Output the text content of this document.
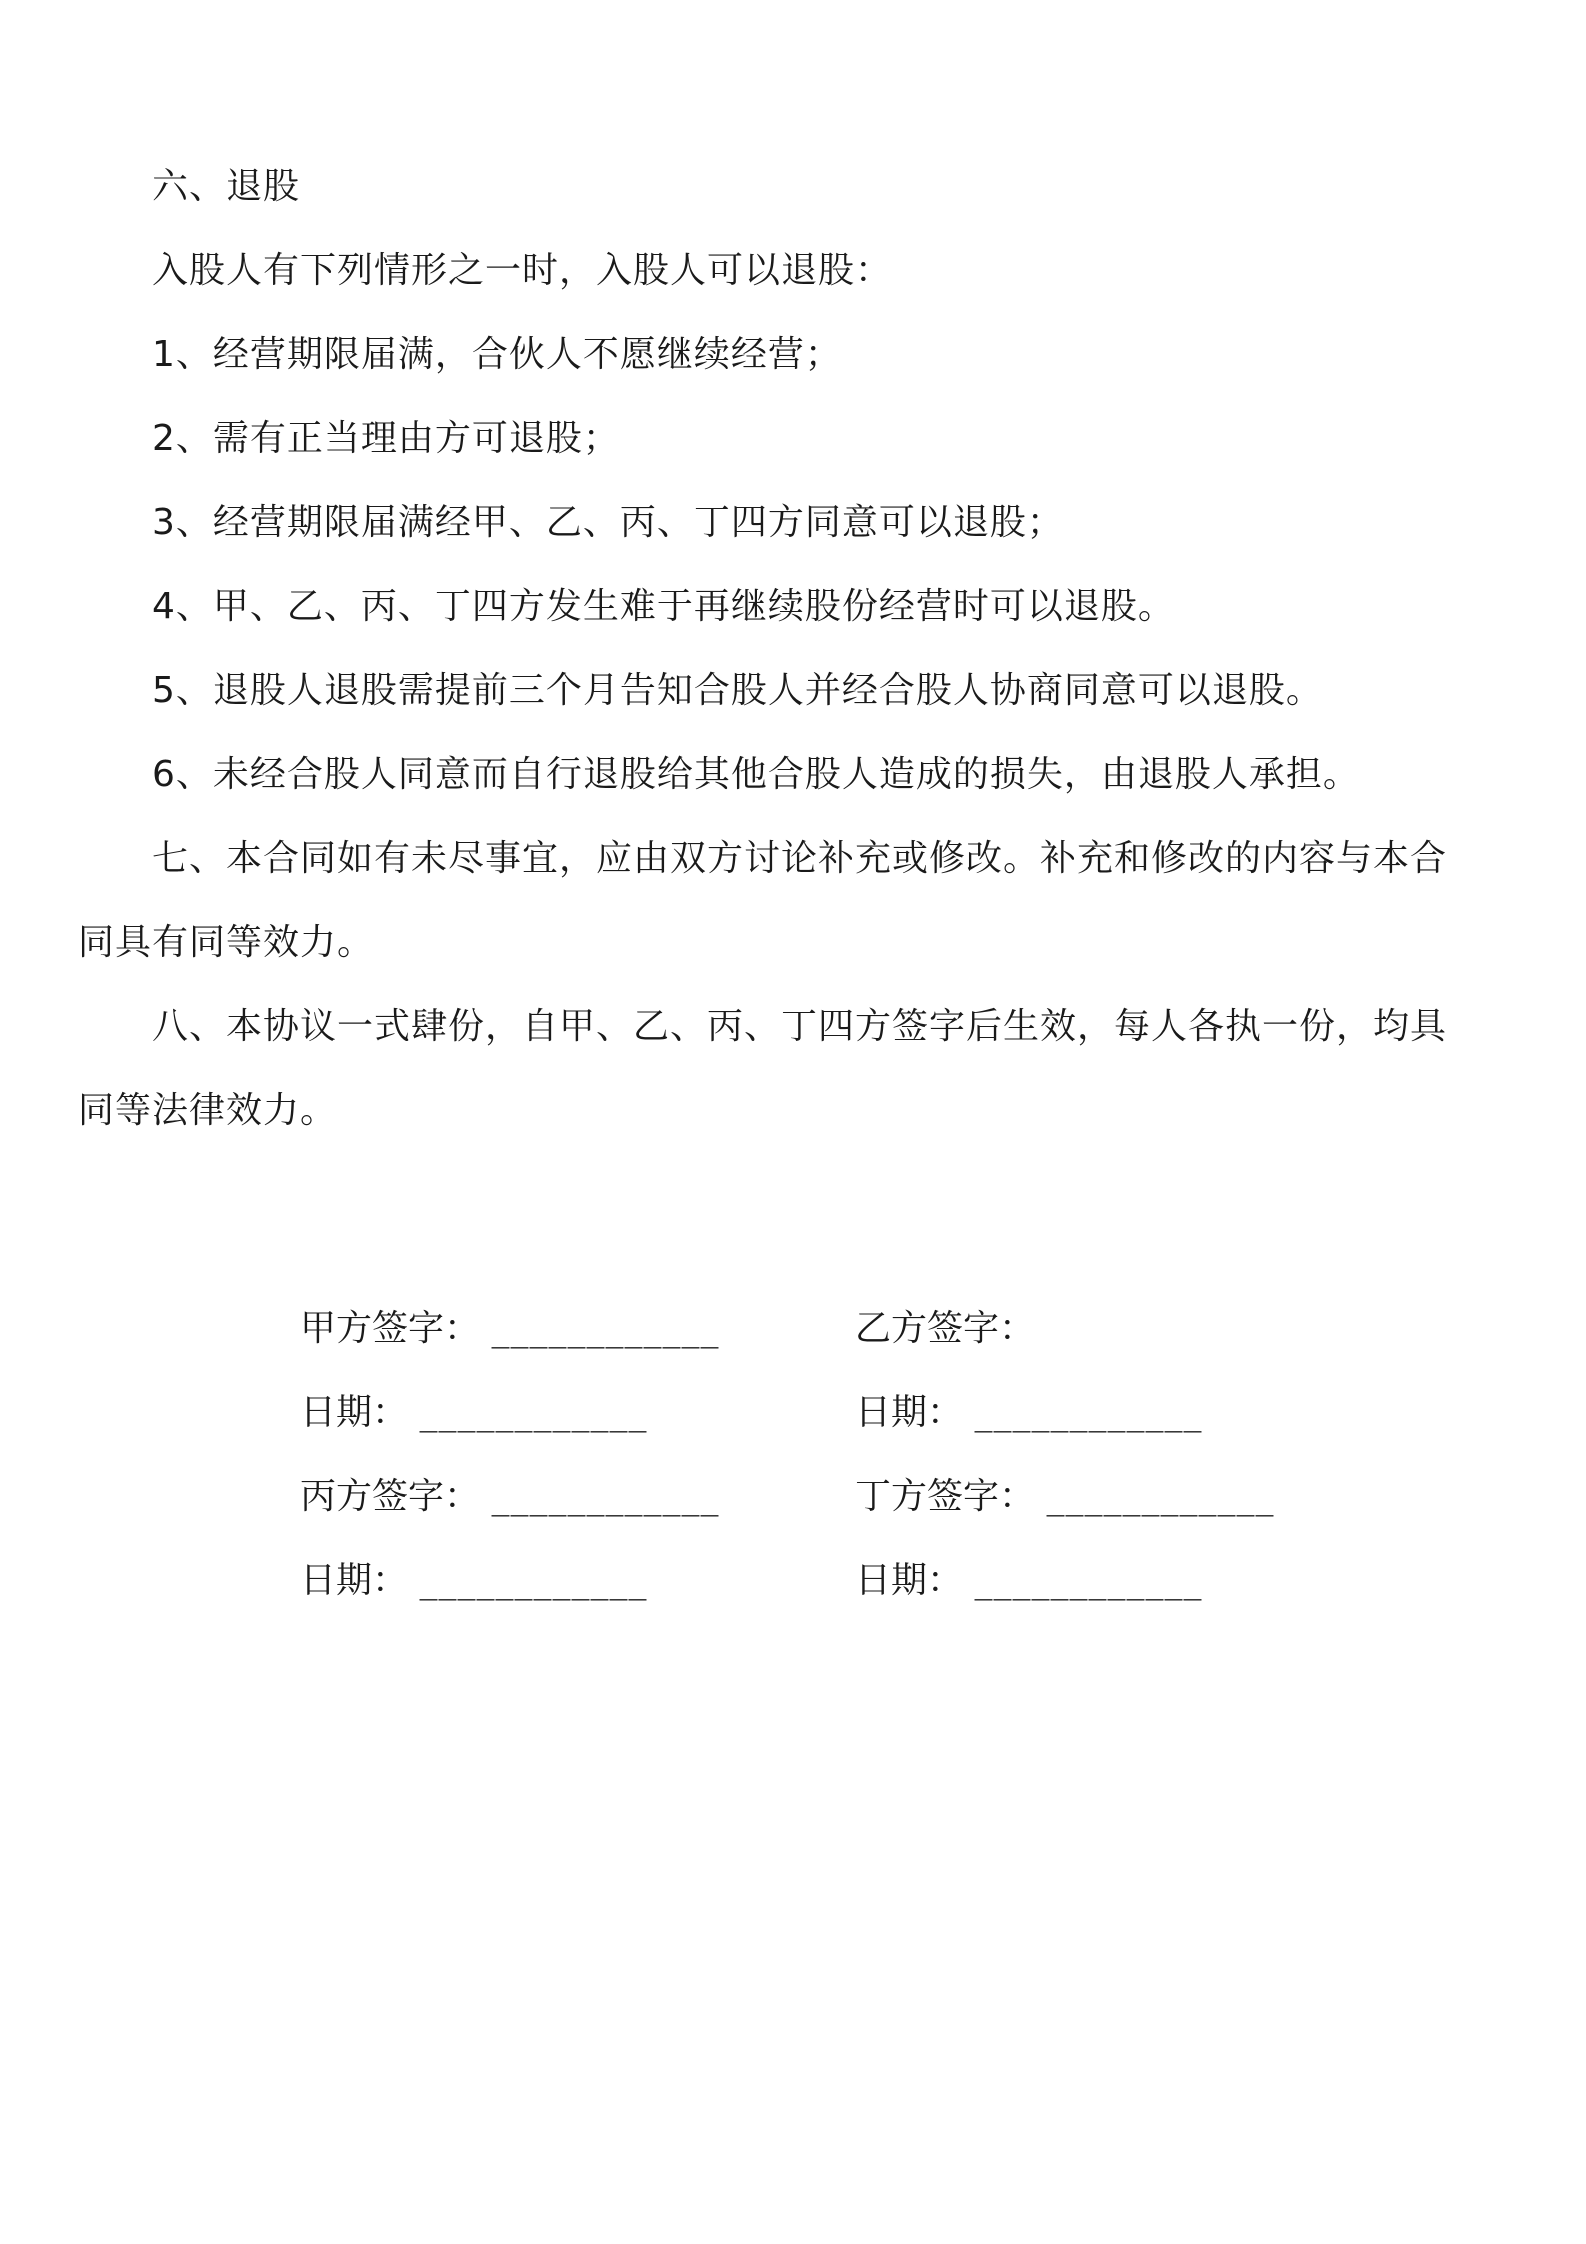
六、退股

入股人有下列情形之一时，入股人可以退股：

1、经营期限届满，合伙人不愿继续经营；

2、需有正当理由方可退股；

3、经营期限届满经甲、乙、丙、丁四方同意可以退股；

4、甲、乙、丙、丁四方发生难于再继续股份经营时可以退股。

5、退股人退股需提前三个月告知合股人并经合股人协商同意可以退股。

6、未经合股人同意而自行退股给其他合股人造成的损失，由退股人承担。

七、本合同如有未尽事宜，应由双方讨论补充或修改。补充和修改的内容与本合同具有同等效力。

八、本协议一式肆份，自甲、乙、丙、丁四方签字后生效，每人各执一份，均具同等法律效力。

甲方签字： ____________	乙方签字：
日期： ____________	日期： ____________
丙方签字： ____________	丁方签字： ____________
日期： ____________	日期： ____________
